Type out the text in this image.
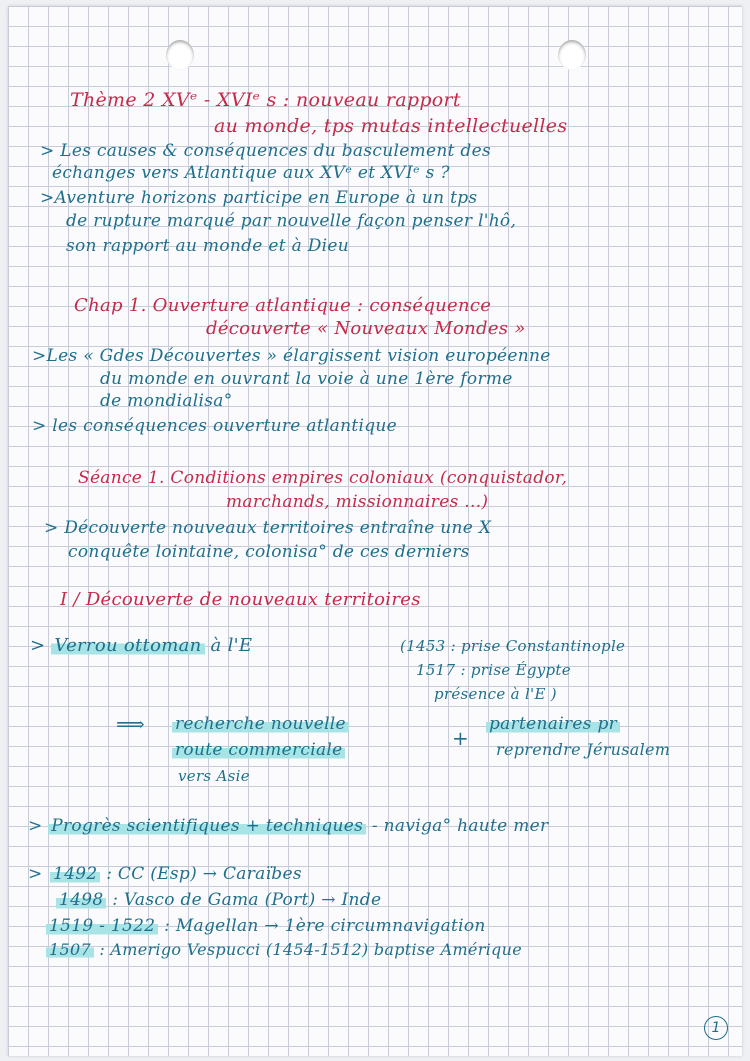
Thème 2 XVᵉ - XVIᵉ s : nouveau rapport

au monde, tps mutas intellectuelles

> Les causes & conséquences du basculement des

échanges vers Atlantique aux XVᵉ et XVIᵉ s ?

>Aventure horizons participe en Europe à un tps

de rupture marqué par nouvelle façon penser l'hô,

son rapport au monde et à Dieu

Chap 1. Ouverture atlantique : conséquence

découverte « Nouveaux Mondes »

>Les « Gdes Découvertes » élargissent vision européenne

du monde en ouvrant la voie à une 1ère forme

de mondialisa°

> les conséquences ouverture atlantique

Séance 1. Conditions empires coloniaux (conquistador,

marchands, missionnaires ...)

> Découverte nouveaux territoires entraîne une X

conquête lointaine, colonisa° de ces derniers

I / Découverte de nouveaux territoires

> Verrou ottoman à l'E	(1453 : prise Constantinople

1517 : prise Égypte

présence à l'E )

⟹ recherche nouvelle

route commerciale

vers Asie

+

partenaires pr

reprendre Jérusalem

> Progrès scientifiques + techniques - naviga° haute mer

> 1492 : CC (Esp) → Caraïbes

1498 : Vasco de Gama (Port) → Inde

1519 - 1522 : Magellan → 1ère circumnavigation

1507 : Amerigo Vespucci (1454-1512) baptise Amérique

1
